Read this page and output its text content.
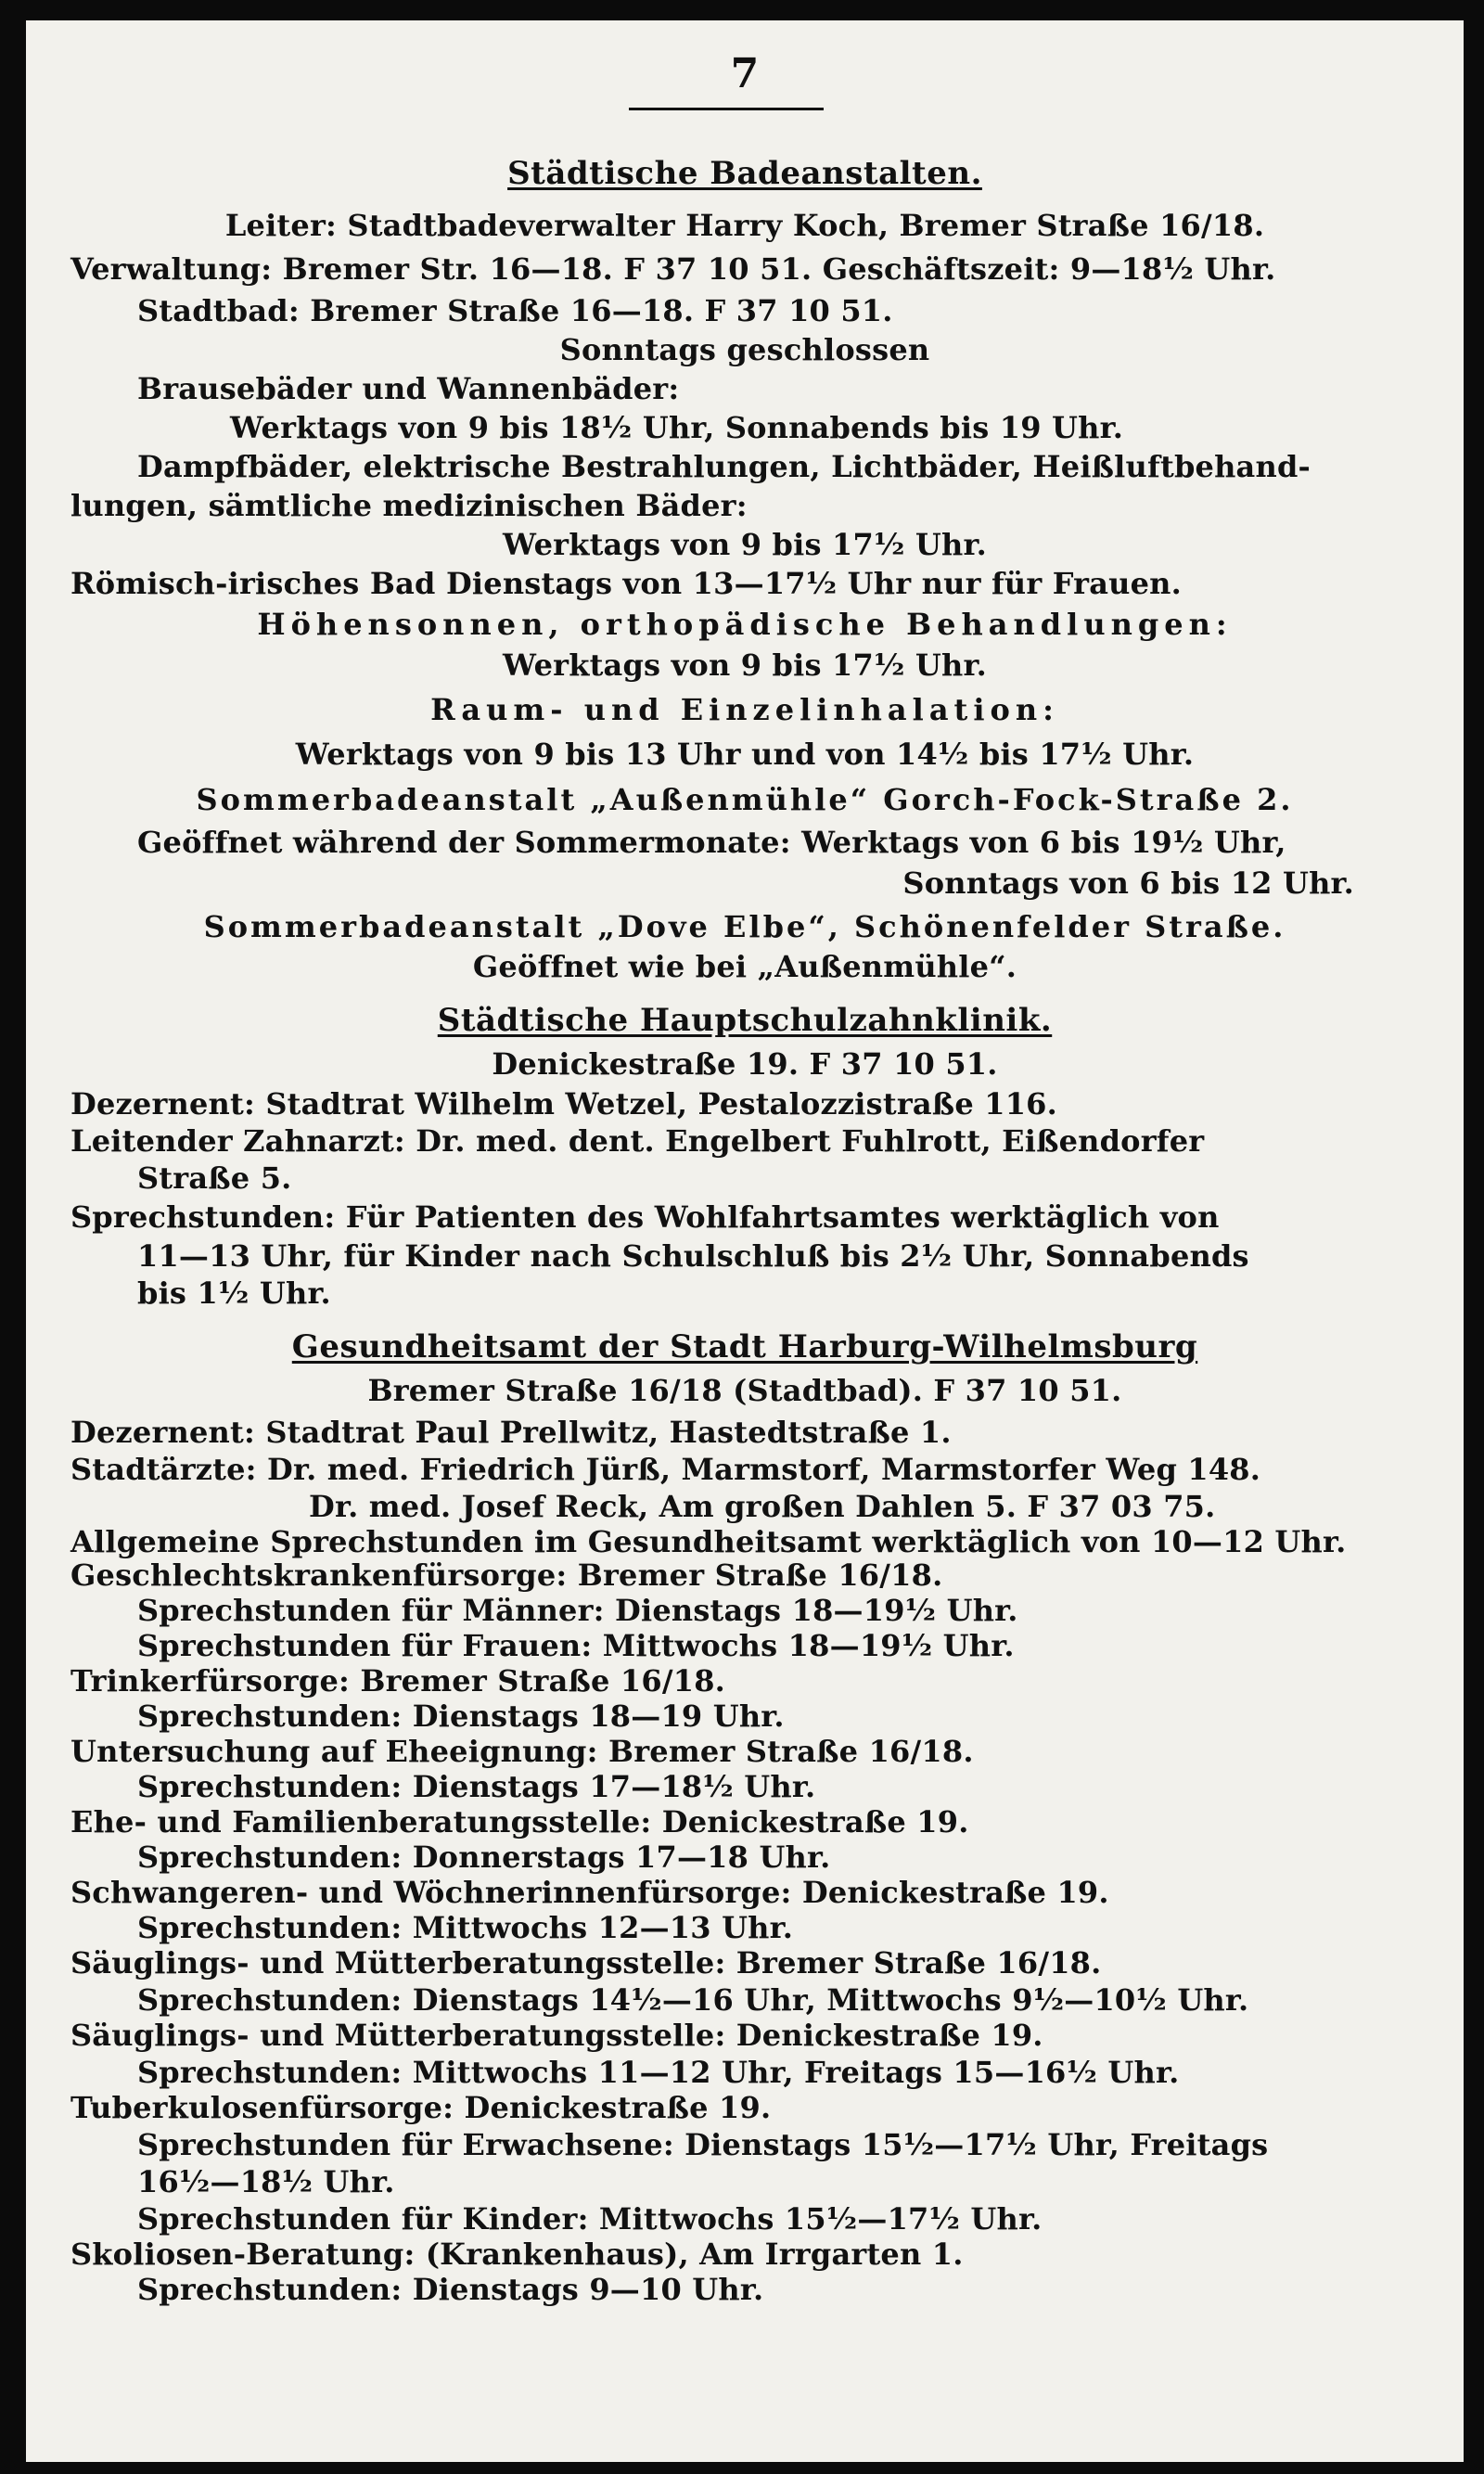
7
Städtische Badeanstalten.
Leiter: Stadtbadeverwalter Harry Koch, Bremer Straße 16/18.
Verwaltung: Bremer Str. 16—18. F 37 10 51. Geschäftszeit: 9—18½ Uhr.
Stadtbad: Bremer Straße 16—18. F 37 10 51.
Sonntags geschlossen
Brausebäder und Wannenbäder:
Werktags von 9 bis 18½ Uhr, Sonnabends bis 19 Uhr.
Dampfbäder, elektrische Bestrahlungen, Lichtbäder, Heißluftbehand-
lungen, sämtliche medizinischen Bäder:
Werktags von 9 bis 17½ Uhr.
Römisch-irisches Bad Dienstags von 13—17½ Uhr nur für Frauen.
Höhensonnen, orthopädische Behandlungen:
Werktags von 9 bis 17½ Uhr.
Raum- und Einzelinhalation:
Werktags von 9 bis 13 Uhr und von 14½ bis 17½ Uhr.
Sommerbadeanstalt „Außenmühle“ Gorch-Fock-Straße 2.
Geöffnet während der Sommermonate: Werktags von 6 bis 19½ Uhr,
Sonntags von 6 bis 12 Uhr.
Sommerbadeanstalt „Dove Elbe“, Schönenfelder Straße.
Geöffnet wie bei „Außenmühle“.
Städtische Hauptschulzahnklinik.
Denickestraße 19. F 37 10 51.
Dezernent: Stadtrat Wilhelm Wetzel, Pestalozzistraße 116.
Leitender Zahnarzt: Dr. med. dent. Engelbert Fuhlrott, Eißendorfer
Straße 5.
Sprechstunden: Für Patienten des Wohlfahrtsamtes werktäglich von
11—13 Uhr, für Kinder nach Schulschluß bis 2½ Uhr, Sonnabends
bis 1½ Uhr.
Gesundheitsamt der Stadt Harburg-Wilhelmsburg
Bremer Straße 16/18 (Stadtbad). F 37 10 51.
Dezernent: Stadtrat Paul Prellwitz, Hastedtstraße 1.
Stadtärzte: Dr. med. Friedrich Jürß, Marmstorf, Marmstorfer Weg 148.
Dr. med. Josef Reck, Am großen Dahlen 5. F 37 03 75.
Allgemeine Sprechstunden im Gesundheitsamt werktäglich von 10—12 Uhr.
Geschlechtskrankenfürsorge: Bremer Straße 16/18.
Sprechstunden für Männer: Dienstags 18—19½ Uhr.
Sprechstunden für Frauen: Mittwochs 18—19½ Uhr.
Trinkerfürsorge: Bremer Straße 16/18.
Sprechstunden: Dienstags 18—19 Uhr.
Untersuchung auf Eheeignung: Bremer Straße 16/18.
Sprechstunden: Dienstags 17—18½ Uhr.
Ehe- und Familienberatungsstelle: Denickestraße 19.
Sprechstunden: Donnerstags 17—18 Uhr.
Schwangeren- und Wöchnerinnenfürsorge: Denickestraße 19.
Sprechstunden: Mittwochs 12—13 Uhr.
Säuglings- und Mütterberatungsstelle: Bremer Straße 16/18.
Sprechstunden: Dienstags 14½—16 Uhr, Mittwochs 9½—10½ Uhr.
Säuglings- und Mütterberatungsstelle: Denickestraße 19.
Sprechstunden: Mittwochs 11—12 Uhr, Freitags 15—16½ Uhr.
Tuberkulosenfürsorge: Denickestraße 19.
Sprechstunden für Erwachsene: Dienstags 15½—17½ Uhr, Freitags
16½—18½ Uhr.
Sprechstunden für Kinder: Mittwochs 15½—17½ Uhr.
Skoliosen-Beratung: (Krankenhaus), Am Irrgarten 1.
Sprechstunden: Dienstags 9—10 Uhr.
